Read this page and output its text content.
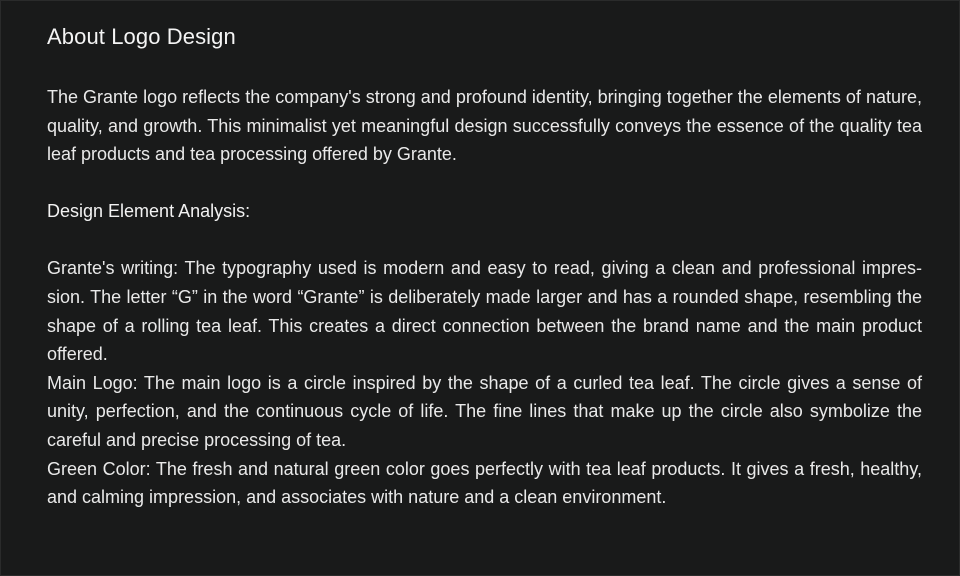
About Logo Design

The Grante logo reflects the company's strong and profound identity, bringing together the elements of nature, quality, and growth. This minimalist yet meaningful design successfully conveys the essence of the quality tea leaf products and tea processing offered by Grante.

Design Element Analysis:

Grante's writing: The typography used is modern and easy to read, giving a clean and professional impression. The letter “G” in the word “Grante” is deliberately made larger and has a rounded shape, resembling the shape of a rolling tea leaf. This creates a direct connection between the brand name and the main product offered.

Main Logo: The main logo is a circle inspired by the shape of a curled tea leaf. The circle gives a sense of unity, perfection, and the continuous cycle of life. The fine lines that make up the circle also symbolize the careful and precise processing of tea.

Green Color: The fresh and natural green color goes perfectly with tea leaf products. It gives a fresh, healthy, and calming impression, and associates with nature and a clean environment.
